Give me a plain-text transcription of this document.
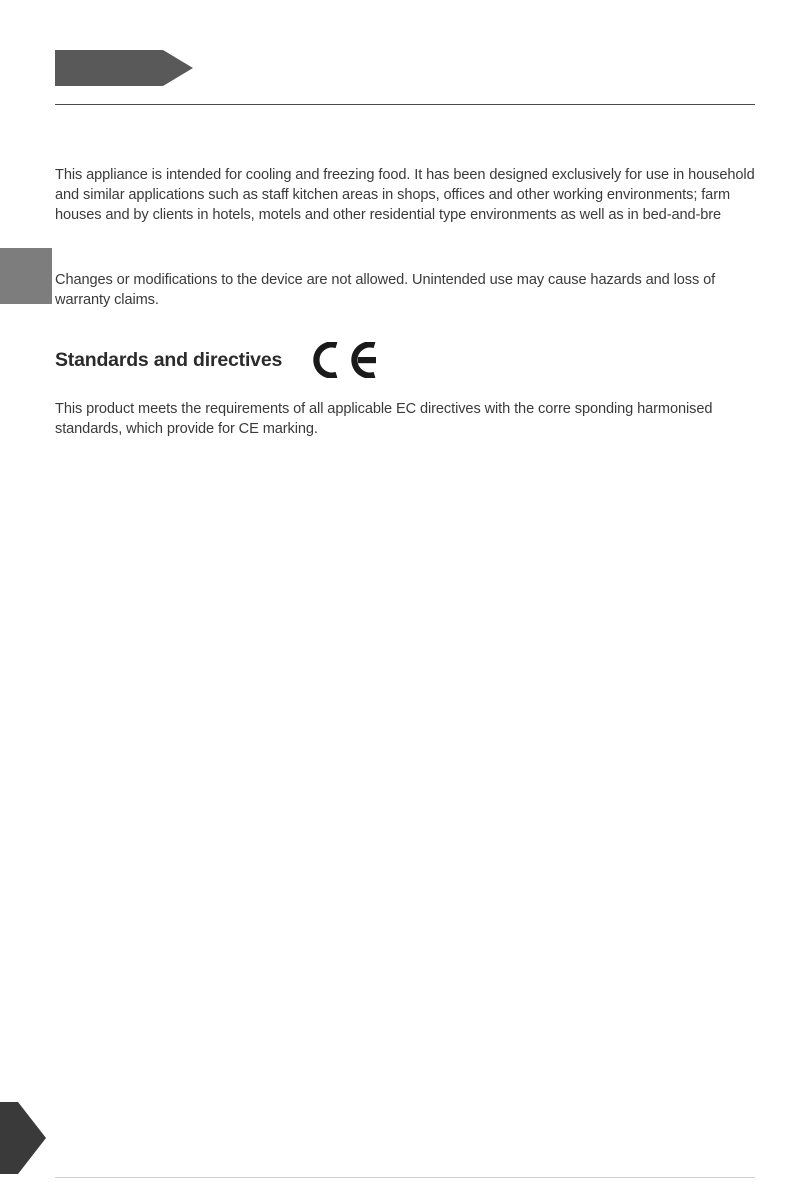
This appliance is intended for cooling and freezing food. It has been designed exclusively for use in household and similar applications such as staff kitchen areas in shops, offices and other working environments; farm houses and by clients in hotels, motels and other residential type environments as well as in bed-and-bre

Changes or modifications to the device are not allowed. Unintended use may cause hazards and loss of warranty claims.

Standards and directives

This product meets the requirements of all applicable EC directives with the corre sponding harmonised standards, which provide for CE marking.
